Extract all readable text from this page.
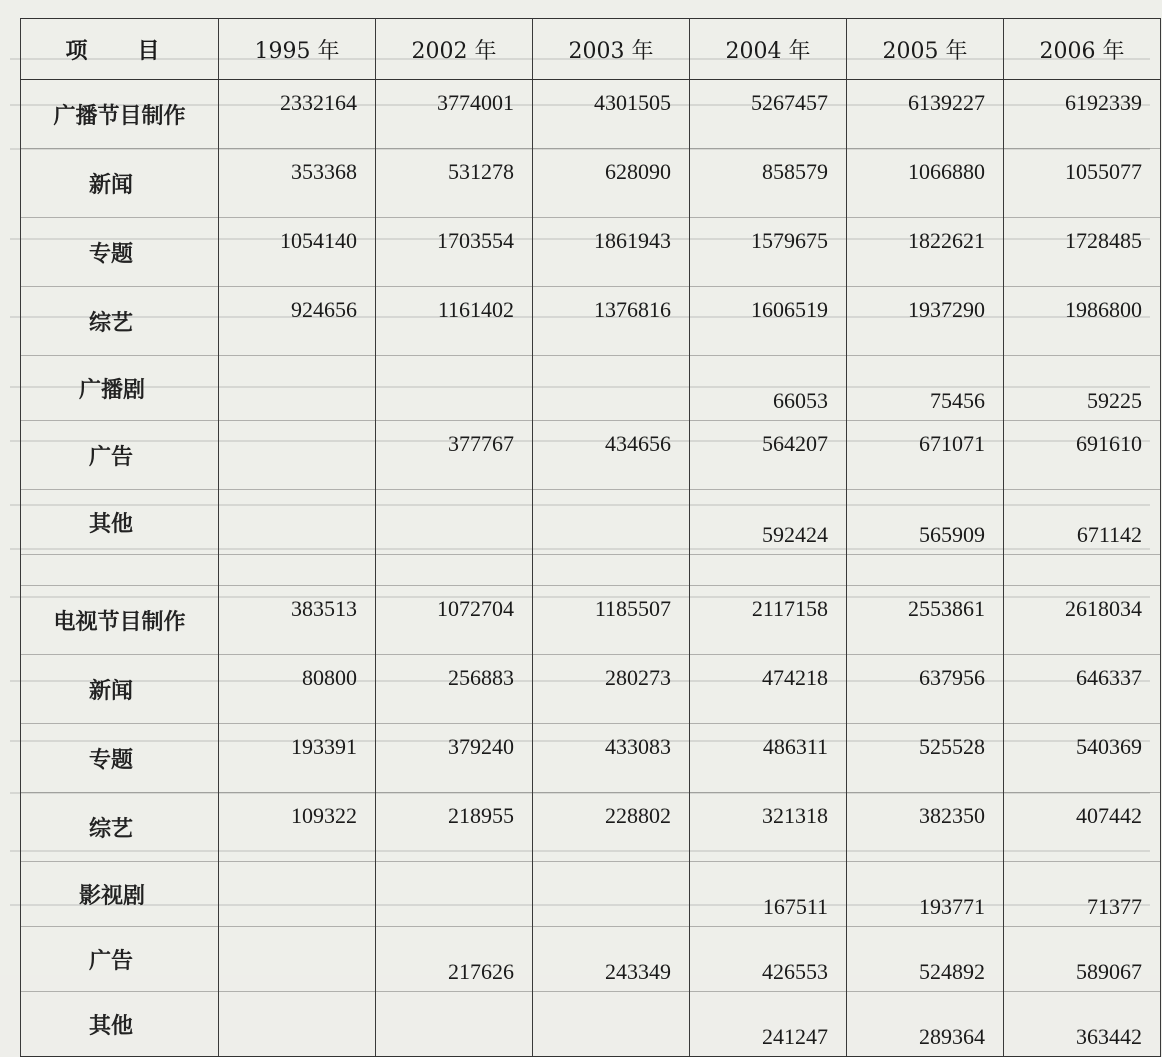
项　目	1995 年	2002 年	2003 年	2004 年	2005 年	2006 年
广播节目制作	2332164	3774001	4301505	5267457	6139227	6192339
新闻	353368	531278	628090	858579	1066880	1055077
专题	1054140	1703554	1861943	1579675	1822621	1728485
综艺	924656	1161402	1376816	1606519	1937290	1986800
广播剧				66053	75456	59225
广告		377767	434656	564207	671071	691610
其他				592424	565909	671142

电视节目制作	383513	1072704	1185507	2117158	2553861	2618034
新闻	80800	256883	280273	474218	637956	646337
专题	193391	379240	433083	486311	525528	540369
综艺	109322	218955	228802	321318	382350	407442
影视剧				167511	193771	71377
广告		217626	243349	426553	524892	589067
其他				241247	289364	363442
